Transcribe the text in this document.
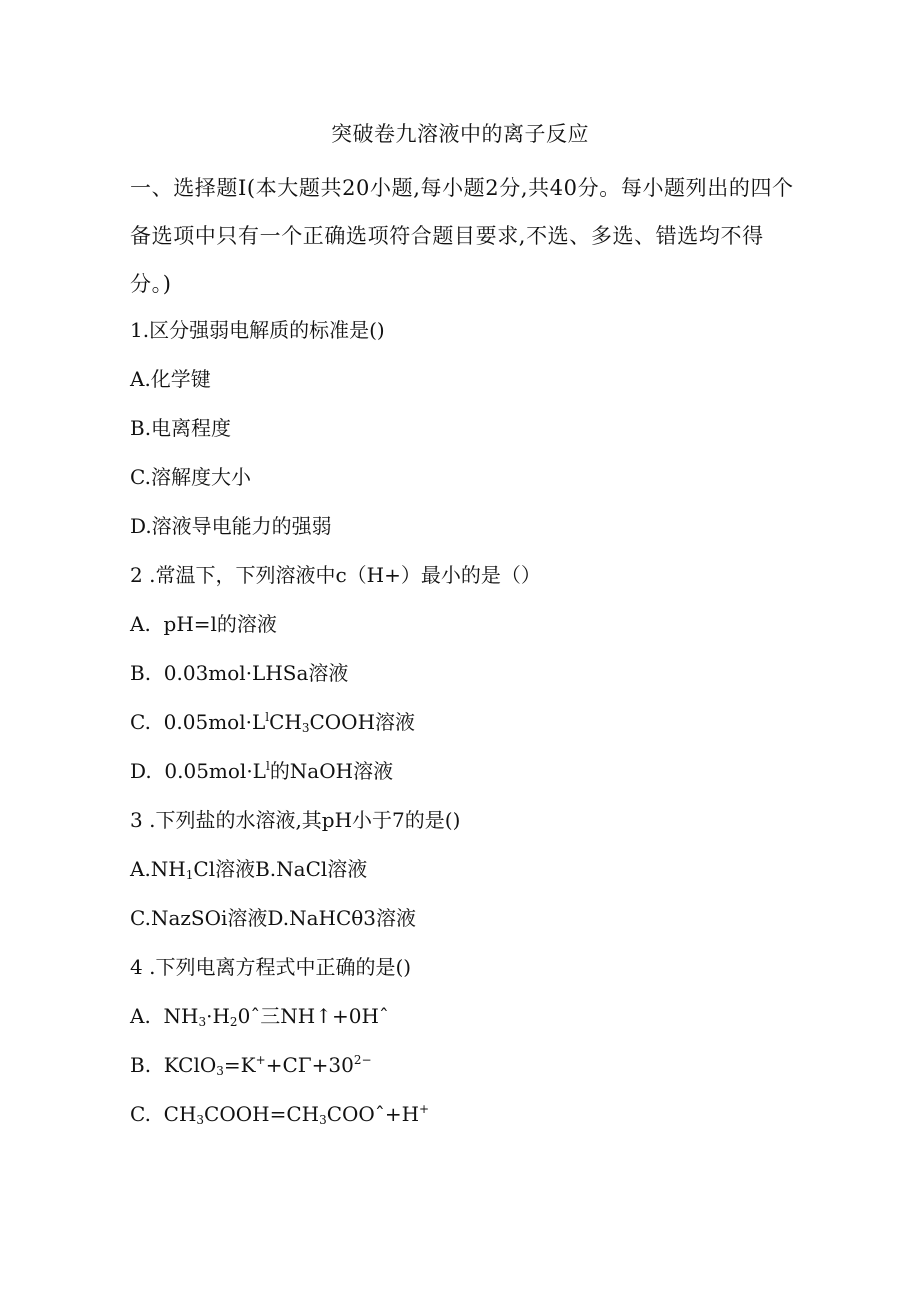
突破卷九溶液中的离子反应
一、选择题Ⅰ(本大题共20小题,每小题2分,共40分。每小题列出的四个备选项中只有一个正确选项符合题目要求,不选、多选、错选均不得分。)
1.区分强弱电解质的标准是()
A.化学键
B.电离程度
C.溶解度大小
D.溶液导电能力的强弱
2 .常温下，下列溶液中c（H+）最小的是（）
A.  pH=l的溶液
B.  0.03mol·LHSa溶液
C.  $0.05mol\cdot L^lCH_3COOH$溶液
D.  $0.05mol\cdot L^l$的NaOH溶液
3 .下列盐的水溶液,其pH小于7的是()
$A.NH_1Cl$溶液B.NaCl溶液
C.NazSOi溶液D.NaHCθ3溶液
4 .下列电离方程式中正确的是()
A.  $NH_3\cdot H_20ˆ$三NH↑+0Hˆ
B.  $KClO_3=K^++C\Gamma+30^{2-}$
C.  $CH_3COOH=CH_3COOˆ+H^+$
